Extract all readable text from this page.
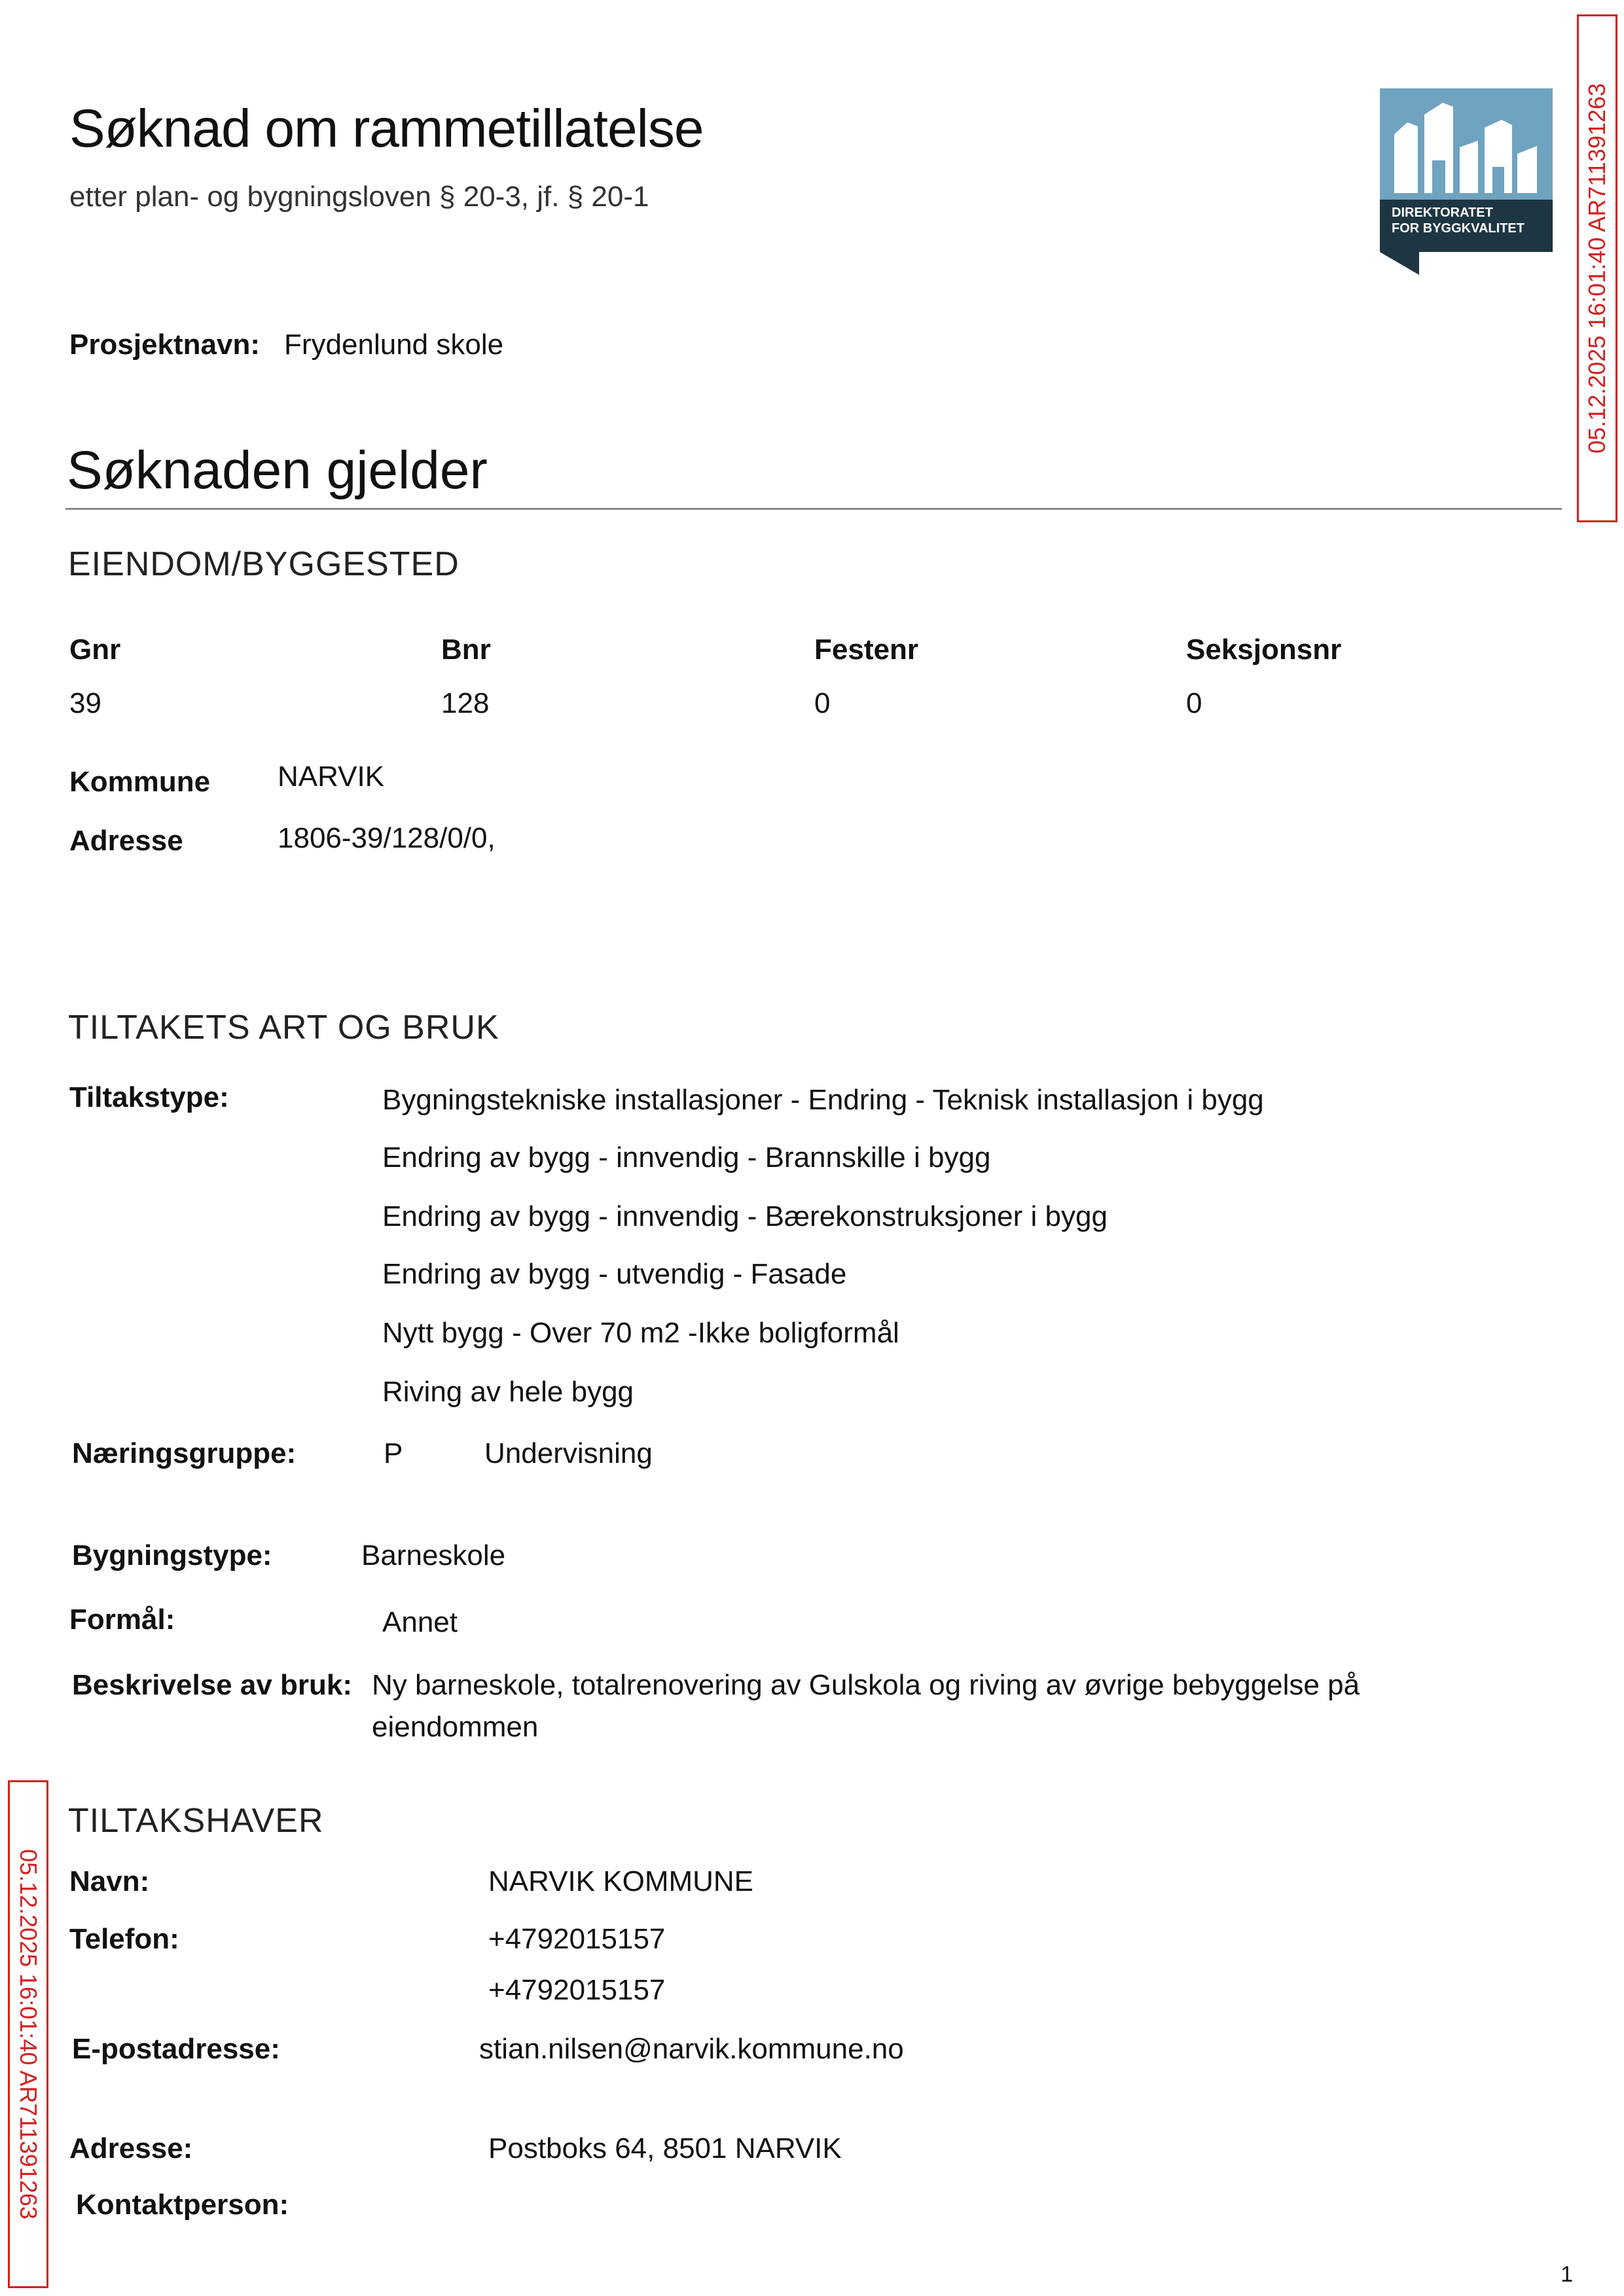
Søknad om rammetillatelse
etter plan- og bygningsloven § 20-3, jf. § 20-1	DIREKTORATET
FOR BYGGKVALITET	05.12.2025 16:01:40 AR711391263
05.12.2025 16:01:40 AR711391263
Prosjektnavn: Frydenlund skole
Søknaden gjelder
EIENDOM/BYGGESTED
Gnr	Bnr	Festenr	Seksjonsnr
39	128	0	0
Kommune NARVIK
Adresse	1806-39/128/0/0,
TILTAKETS ART OG BRUK
Tiltakstype:	Bygningstekniske installasjoner - Endring - Teknisk installasjon i bygg
Endring av bygg - innvendig - Brannskille i bygg
Endring av bygg - innvendig - Bærekonstruksjoner i bygg
Endring av bygg - utvendig - Fasade
Nytt bygg - Over 70 m2 -Ikke boligformål
Riving av hele bygg
Næringsgruppe:	P	Undervisning
Bygningstype:	Barneskole
Formål:	Annet
Beskrivelse av bruk: Ny barneskole, totalrenovering av Gulskola og riving av øvrige bebyggelse på
eiendommen
TILTAKSHAVER
Navn:	NARVIK KOMMUNE
Telefon:	+4792015157
+4792015157
E-postadresse:	stian.nilsen@narvik.kommune.no
Adresse:	Postboks 64, 8501 NARVIK
Kontaktperson:
1
